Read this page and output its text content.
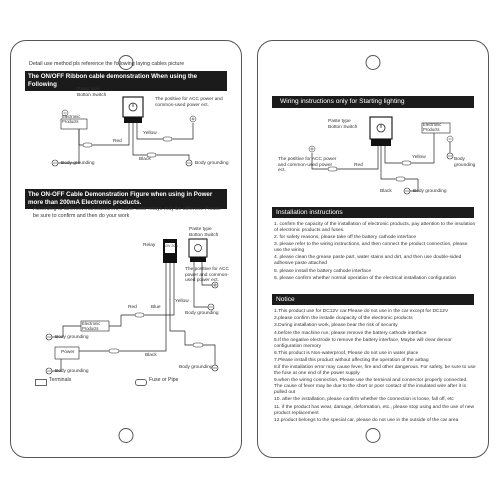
Detail use method pls reference the following laying cables picture
The ON/OFF Ribbon cable demonstration When using the Following
Paste type
Botton Switch
Electronic Products
The posltive for ACC power and common-used power ect.
Red
Yellow
Black
Body grounding	Body grounding
The ON-OFF Cable Demonstration Figure when using in Power more than 200mA Electronic products.
According to different manufacturers, cable color relays may be different. Please be sure to confirm and then do your work
Relay 12V 20A
Paste type
Botton Switch
The posltive for ACC power and common-used power ect.
Electronic Products
Yellow
Red	Blue
Black
Power
Body grounding
Body grounding
Body grounding
Body grounding
Terminals	Fuse or Pipe
Wiring instructions only for Starting lighting
Paste type
Botton Switch
Electronic Products
The posltive for ACC power and common-used power ect.
Red
Yellow
Black
Body grounding
Body grounding
Installation instructions
1. confirm the capacity of the installation of electronic products, pay attention to the insulation of electronic products and fuses.
2. for safety reasons, please take off the battery cathode interface
3. please refer to the wiring instructions, and then connect the product connection, please use the wiring
4. please clean the grease paste part, water stains and dirt, and then use double-sided adhesive paste attached
5. please install the battery cathode interface
6. please confirm whether normal operation of the electrical installation configuration
Notice
1.This product use for DC12V car.Please do not use in the car except for DC12V
2.please confirm the installe dcapacity of the electronic products
3.During installation work, please bear the risk of security
4.before the machine run, please remove the battery cathode interface
5.If the negative electrode to remove the battery interface, Maybe will clear densor configuration memory
6.This product is Non-waterproof, Please do not use in water place
7.Please install this product without affecting the operation of the airbag
8.if the installation error may cause fever, fire and other dangerous. For safety, be sure to use the fuse at one end of the power supply
9.when the wiring connection, Please use the terminal and connector properly connected. The cause of fever may be due to the short or poor contact of the insulated wire after it is pulled out
10. after the installation, please confirm whether the connection is loose, fall off, etc
11. if the product has wear, damage, deformation, etc., please stop using and the use of new product replacement
12.product belongs to the special car, please do not use in the outside of the car area
